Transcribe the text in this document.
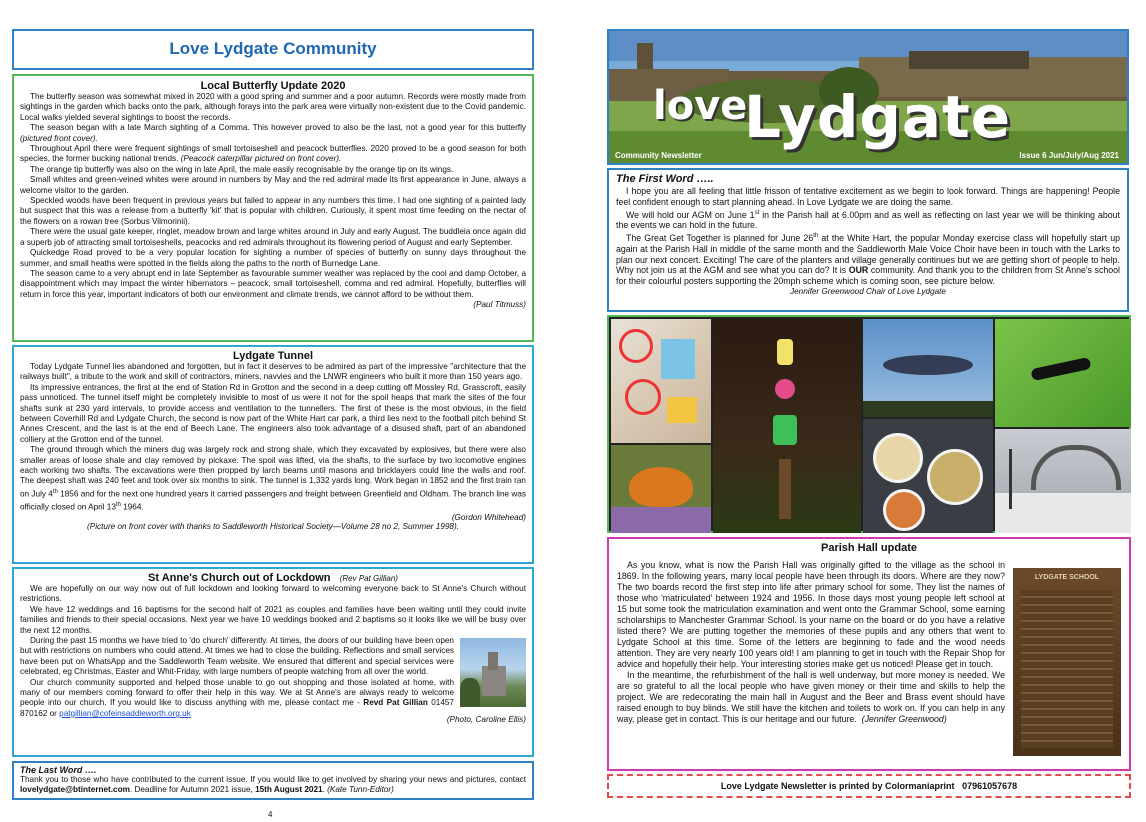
Love Lydgate Community
Local Butterfly Update 2020

The butterfly season was somewhat mixed in 2020 with a good spring and summer and a poor autumn. Records were mostly made from sightings in the garden which backs onto the park, although forays into the park area were virtually non-existent due to the Covid pandemic. Local walks yielded several sightings to boost the records.

The season began with a late March sighting of a Comma. This however proved to also be the last, not a good year for this butterfly (pictured front cover).

Throughout April there were frequent sightings of small tortoiseshell and peacock butterflies. 2020 proved to be a good season for both species, the former bucking national trends. (Peacock caterpillar pictured on front cover).

The orange tip butterfly was also on the wing in late April, the male easily recognisable by the orange tip on its wings.

Small whites and green-veined whites were around in numbers by May and the red admiral made its first appearance in June, always a welcome visitor to the garden.

Speckled woods have been frequent in previous years but failed to appear in any numbers this time. I had one sighting of a painted lady but suspect that this was a release from a butterfly 'kit' that is popular with children. Curiously, it spent most time feeding on the nectar of the flowers on a rowan tree (Sorbus Vilmorinii).

There were the usual gate keeper, ringlet, meadow brown and large whites around in July and early August. The buddleia once again did a superb job of attracting small tortoiseshells, peacocks and red admirals throughout its flowering period of August and early September.

Quickedge Road proved to be a very popular location for sighting a number of species of butterfly on sunny days throughout the summer, and small heaths were spotted in the fields along the paths to the north of Burnedge Lane.

The season came to a very abrupt end in late September as favourable summer weather was replaced by the cool and damp October, a disappointment which may impact the winter hibernators – peacock, small tortoiseshell, comma and red admiral. Hopefully, butterflies will return in force this year, important indicators of both our environment and climate trends, we cannot afford to be without them.

(Paul Titmuss)
Lydgate Tunnel

Today Lydgate Tunnel lies abandoned and forgotten, but in fact it deserves to be admired as part of the impressive "architecture that the railways built", a tribute to the work and skill of contractors, miners, navvies and the LNWR engineers who built it more than 150 years ago.

Its impressive entrances, the first at the end of Station Rd in Grotton and the second in a deep cutting off Mossley Rd, Grasscroft, easily pass unnoticed. The tunnel itself might be completely invisible to most of us were it not for the spoil heaps that mark the sites of the four shafts sunk at 230 yard intervals, to provide access and ventilation to the tunnellers. The first of these is the most obvious, in the field between Coverhill Rd and Lydgate Church, the second is now part of the White Hart car park, a third lies next to the football pitch behind St Annes Crescent, and the last is at the end of Beech Lane. The engineers also took advantage of a disused shaft, part of an abandoned colliery at the Grotton end of the tunnel.

The ground through which the miners dug was largely rock and strong shale, which they excavated by explosives, but there were also smaller areas of loose shale and clay removed by pickaxe. The spoil was lifted, via the shafts, to the surface by two locomotive engines each working two shafts. The excavations were then propped by larch beams until masons and bricklayers could line the walls and roof. The deepest shaft was 240 feet and took over six months to sink. The tunnel is 1,332 yards long. Work began in 1852 and the first train ran on July 4th 1856 and for the next one hundred years it carried passengers and freight between Greenfield and Oldham. The branch line was officially closed on April 13th 1964.

(Gordon Whitehead)
(Picture on front cover with thanks to Saddleworth Historical Society—Volume 28 no 2, Summer 1998).
St Anne's Church out of Lockdown (Rev Pat Gillian)

We are hopefully on our way now out of full lockdown and looking forward to welcoming everyone back to St Anne's Church without restrictions.

We have 12 weddings and 16 baptisms for the second half of 2021 as couples and families have been waiting until they could invite families and friends to their special occasions. Next year we have 10 weddings booked and 2 baptisms so it looks like we will be busy over the next 12 months.

During the past 15 months we have tried to 'do church' differently. At times, the doors of our building have been open but with restrictions on numbers who could attend. At times we had to close the building. Reflections and small services have been put on WhatsApp and the Saddleworth Team website. We ensured that different and special services were celebrated, eg Christmas, Easter and Whit-Friday, with large numbers of people watching from all over the world.

Our church community supported and helped those unable to go out shopping and those isolated at home, with many of our members coming forward to offer their help in this way. We at St Anne's are always ready to welcome people into our church. If you would like to discuss anything with me, please contact me - Revd Pat Gillian 01457 870162 or patgillian@cofeinsaddleworth.org.uk

(Photo, Caroline Ellis)
The Last Word ….

Thank you to those who have contributed to the current issue. If you would like to get involved by sharing your news and pictures, contact lovelydgate@btinternet.com. Deadline for Autumn 2021 issue, 15th August 2021. (Kate Tunn-Editor)

4
love
Lydgate
Community Newsletter	Issue 6 Jun/July/Aug 2021
The First Word …..

I hope you are all feeling that little frisson of tentative excitement as we begin to look forward. Things are happening! People feel confident enough to start planning ahead. In Love Lydgate we are doing the same.

We will hold our AGM on June 1st in the Parish hall at 6.00pm and as well as reflecting on last year we will be thinking about the events we can hold in the future.

The Great Get Together is planned for June 26th at the White Hart, the popular Monday exercise class will hopefully start up again at the Parish Hall in middle of the same month and the Saddleworth Male Voice Choir have been in touch with the Larks to plan our next concert. Exciting! The care of the planters and village generally continues but we are getting short of people to help. Why not join us at the AGM and see what you can do? It is OUR community. And thank you to the children from St Anne's school for their colourful posters supporting the 20mph scheme which is coming soon, see picture below.

Jennifer Greenwood Chair of Love Lydgate
Parish Hall update
LYDGATE SCHOOL

As you know, what is now the Parish Hall was originally gifted to the village as the school in 1869. In the following years, many local people have been through its doors. Where are they now? The two boards record the first step into life after primary school for some. They list the names of those who 'matriculated' between 1924 and 1956. In those days most young people left school at 15 but some took the matriculation examination and went onto the Grammar School, some earning scholarships to Manchester Grammar School. Is your name on the board or do you have a relative listed there? We are putting together the memories of these pupils and any others that went to Lydgate School at this time. Some of the letters are beginning to fade and the wood needs attention. They are very nearly 100 years old! I am planning to get in touch with the Repair Shop for advice and hopefully their help. Your interesting stories make get us noticed! Please get in touch.

In the meantime, the refurbishment of the hall is well underway, but more money is needed. We are so grateful to all the local people who have given money or their time and skills to help the project. We are redecorating the main hall in August and the Beer and Brass event should have raised enough to buy blinds. We still have the kitchen and toilets to work on. If you can help in any way, please get in contact. This is our heritage and our future. (Jennifer Greenwood)

Love Lydgate Newsletter is printed by Colormaniaprint 07961057678
